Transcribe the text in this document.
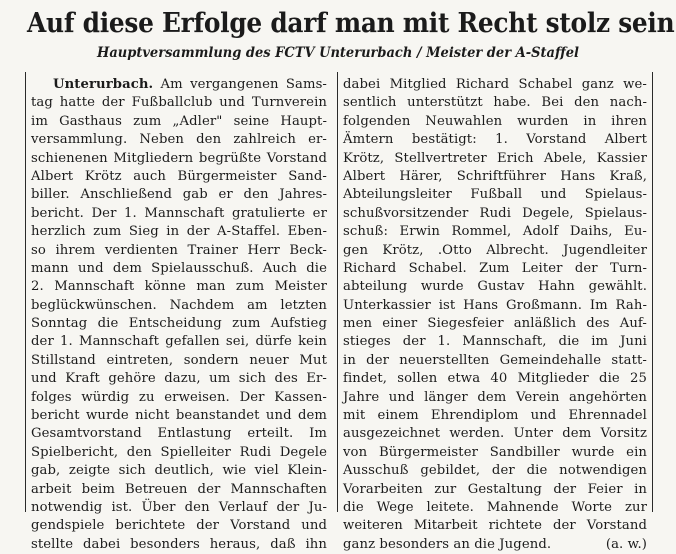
Auf diese Erfolge darf man mit Recht stolz sein
Hauptversammlung des FCTV Unterurbach / Meister der A-Staffel
Unterurbach. Am vergangenen Sams-
tag hatte der Fußballclub und Turnverein
im Gasthaus zum „Adler" seine Haupt-
versammlung. Neben den zahlreich er-
schienenen Mitgliedern begrüßte Vorstand
Albert Krötz auch Bürgermeister Sand-
biller. Anschließend gab er den Jahres-
bericht. Der 1. Mannschaft gratulierte er
herzlich zum Sieg in der A-Staffel. Eben-
so ihrem verdienten Trainer Herr Beck-
mann und dem Spielausschuß. Auch die
2. Mannschaft könne man zum Meister
beglückwünschen. Nachdem am letzten
Sonntag die Entscheidung zum Aufstieg
der 1. Mannschaft gefallen sei, dürfe kein
Stillstand eintreten, sondern neuer Mut
und Kraft gehöre dazu, um sich des Er-
folges würdig zu erweisen. Der Kassen-
bericht wurde nicht beanstandet und dem
Gesamtvorstand Entlastung erteilt. Im
Spielbericht, den Spielleiter Rudi Degele
gab, zeigte sich deutlich, wie viel Klein-
arbeit beim Betreuen der Mannschaften
notwendig ist. Über den Verlauf der Ju-
gendspiele berichtete der Vorstand und
stellte dabei besonders heraus, daß ihn
dabei Mitglied Richard Schabel ganz we-
sentlich unterstützt habe. Bei den nach-
folgenden Neuwahlen wurden in ihren
Ämtern bestätigt: 1. Vorstand Albert
Krötz, Stellvertreter Erich Abele, Kassier
Albert Härer, Schriftführer Hans Kraß,
Abteilungsleiter Fußball und Spielaus-
schußvorsitzender Rudi Degele, Spielaus-
schuß: Erwin Rommel, Adolf Daihs, Eu-
gen Krötz, .Otto Albrecht. Jugendleiter
Richard Schabel. Zum Leiter der Turn-
abteilung wurde Gustav Hahn gewählt.
Unterkassier ist Hans Großmann. Im Rah-
men einer Siegesfeier anläßlich des Auf-
stieges der 1. Mannschaft, die im Juni
in der neuerstellten Gemeindehalle statt-
findet, sollen etwa 40 Mitglieder die 25
Jahre und länger dem Verein angehörten
mit einem Ehrendiplom und Ehrennadel
ausgezeichnet werden. Unter dem Vorsitz
von Bürgermeister Sandbiller wurde ein
Ausschuß gebildet, der die notwendigen
Vorarbeiten zur Gestaltung der Feier in
die Wege leitete. Mahnende Worte zur
weiteren Mitarbeit richtete der Vorstand
ganz besonders an die Jugend.	(a. w.)
